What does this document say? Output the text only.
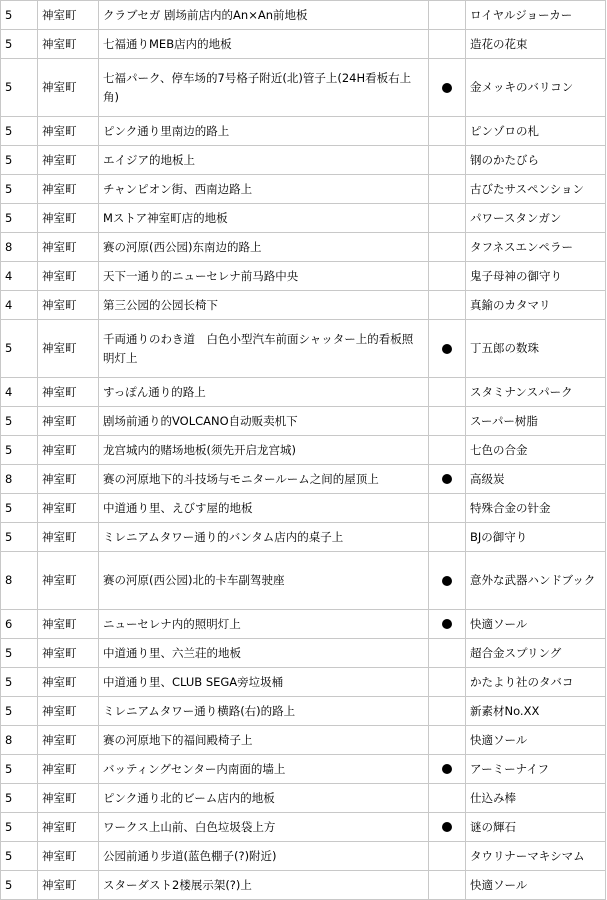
5	神室町	クラブセガ 剧场前店内的An×An前地板		ロイヤルジョーカー
5	神室町	七福通りMEB店内的地板		造花の花束
5	神室町	七福パーク、停车场的7号格子附近(北)管子上(24H看板右上角)		金メッキのバリコン
5	神室町	ピンク通り里南边的路上		ピンゾロの札
5	神室町	エイジア的地板上		钢のかたびら
5	神室町	チャンピオン街、西南边路上		古びたサスペンション
5	神室町	Mストア神室町店的地板		パワースタンガン
8	神室町	赛の河原(西公园)东南边的路上		タフネスエンペラー
4	神室町	天下一通り的ニューセレナ前马路中央		鬼子母神の御守り
4	神室町	第三公园的公园长椅下		真鍮のカタマリ
5	神室町	千両通りのわき道　白色小型汽车前面シャッター上的看板照明灯上		丁五郎の数珠
4	神室町	すっぽん通り的路上		スタミナンスパーク
5	神室町	剧场前通り的VOLCANO自动贩卖机下		スーパー树脂
5	神室町	龙宫城内的赌场地板(须先开启龙宫城)		七色の合金
8	神室町	赛の河原地下的斗技场与モニタールーム之间的屋顶上		高级炭
5	神室町	中道通り里、えびす屋的地板		特殊合金の针金
5	神室町	ミレニアムタワー通り的バンタム店内的桌子上		BJの御守り
8	神室町	赛の河原(西公园)北的卡车副驾驶座		意外な武器ハンドブック
6	神室町	ニューセレナ内的照明灯上		快適ソール
5	神室町	中道通り里、六兰荘的地板		超合金スプリング
5	神室町	中道通り里、CLUB SEGA旁垃圾桶		かたより社のタバコ
5	神室町	ミレニアムタワー通り横路(右)的路上		新素材No.XX
8	神室町	赛の河原地下的福间殿椅子上		快適ソール
5	神室町	バッティングセンター内南面的墙上		アーミーナイフ
5	神室町	ピンク通り北的ビーム店内的地板		仕込み棒
5	神室町	ワークス上山前、白色垃圾袋上方		谜の輝石
5	神室町	公园前通り步道(蓝色棚子(?)附近)		タウリナーマキシマム
5	神室町	スターダスト2楼展示架(?)上		快適ソール
